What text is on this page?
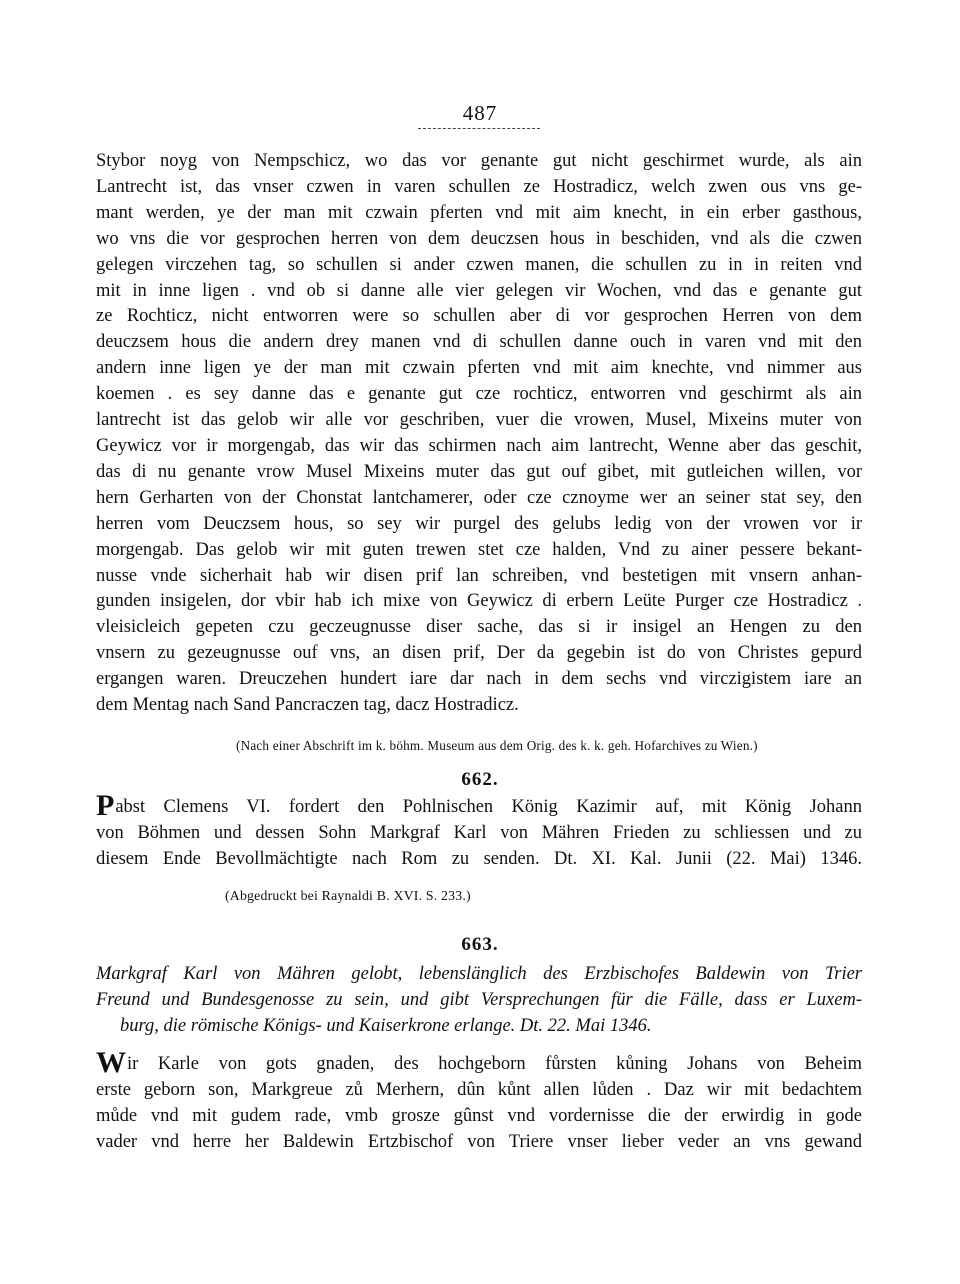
487
Stybor noyg von Nempschicz, wo das vor genante gut nicht geschirmet wurde, als ain
Lantrecht ist, das vnser czwen in varen schullen ze Hostradicz, welch zwen ous vns ge-
mant werden, ye der man mit czwain pferten vnd mit aim knecht, in ein erber gasthous,
wo vns die vor gesprochen herren von dem deuczsen hous in beschiden, vnd als die czwen
gelegen virczehen tag, so schullen si ander czwen manen, die schullen zu in in reiten vnd
mit in inne ligen . vnd ob si danne alle vier gelegen vir Wochen, vnd das e genante gut
ze Rochticz, nicht entworren were so schullen aber di vor gesprochen Herren von dem
deuczsem hous die andern drey manen vnd di schullen danne ouch in varen vnd mit den
andern inne ligen ye der man mit czwain pferten vnd mit aim knechte, vnd nimmer aus
koemen . es sey danne das e genante gut cze rochticz, entworren vnd geschirmt als ain
lantrecht ist das gelob wir alle vor geschriben, vuer die vrowen, Musel, Mixeins muter von
Geywicz vor ir morgengab, das wir das schirmen nach aim lantrecht, Wenne aber das geschit,
das di nu genante vrow Musel Mixeins muter das gut ouf gibet, mit gutleichen willen, vor
hern Gerharten von der Chonstat lantchamerer, oder cze cznoyme wer an seiner stat sey, den
herren vom Deuczsem hous, so sey wir purgel des gelubs ledig von der vrowen vor ir
morgengab. Das gelob wir mit guten trewen stet cze halden, Vnd zu ainer pessere bekant-
nusse vnde sicherhait hab wir disen prif lan schreiben, vnd bestetigen mit vnsern anhan-
gunden insigelen, dor vbir hab ich mixe von Geywicz di erbern Leüte Purger cze Hostradicz .
vleisicleich gepeten czu geczeugnusse diser sache, das si ir insigel an Hengen zu den
vnsern zu gezeugnusse ouf vns, an disen prif, Der da gegebin ist do von Christes gepurd
ergangen waren. Dreuczehen hundert iare dar nach in dem sechs vnd virczigistem iare an
dem Mentag nach Sand Pancraczen tag, dacz Hostradicz.
(Nach einer Abschrift im k. böhm. Museum aus dem Orig. des k. k. geh. Hofarchives zu Wien.)
662.
Pabst Clemens VI. fordert den Pohlnischen König Kazimir auf, mit König Johann
von Böhmen und dessen Sohn Markgraf Karl von Mähren Frieden zu schliessen und zu
diesem Ende Bevollmächtigte nach Rom zu senden. Dt. XI. Kal. Junii (22. Mai) 1346.
(Abgedruckt bei Raynaldi B. XVI. S. 233.)
663.
Markgraf Karl von Mähren gelobt, lebenslänglich des Erzbischofes Baldewin von Trier
Freund und Bundesgenosse zu sein, und gibt Versprechungen für die Fälle, dass er Luxem-
burg, die römische Königs- und Kaiserkrone erlange. Dt. 22. Mai 1346.
Wir Karle von gots gnaden, des hochgeborn fůrsten kůning Johans von Beheim
erste geborn son, Markgreue zů Merhern, dûn kůnt allen lůden . Daz wir mit bedachtem
můde vnd mit gudem rade, vmb grosze gûnst vnd vordernisse die der erwirdig in gode
vader vnd herre her Baldewin Ertzbischof von Triere vnser lieber veder an vns gewand
